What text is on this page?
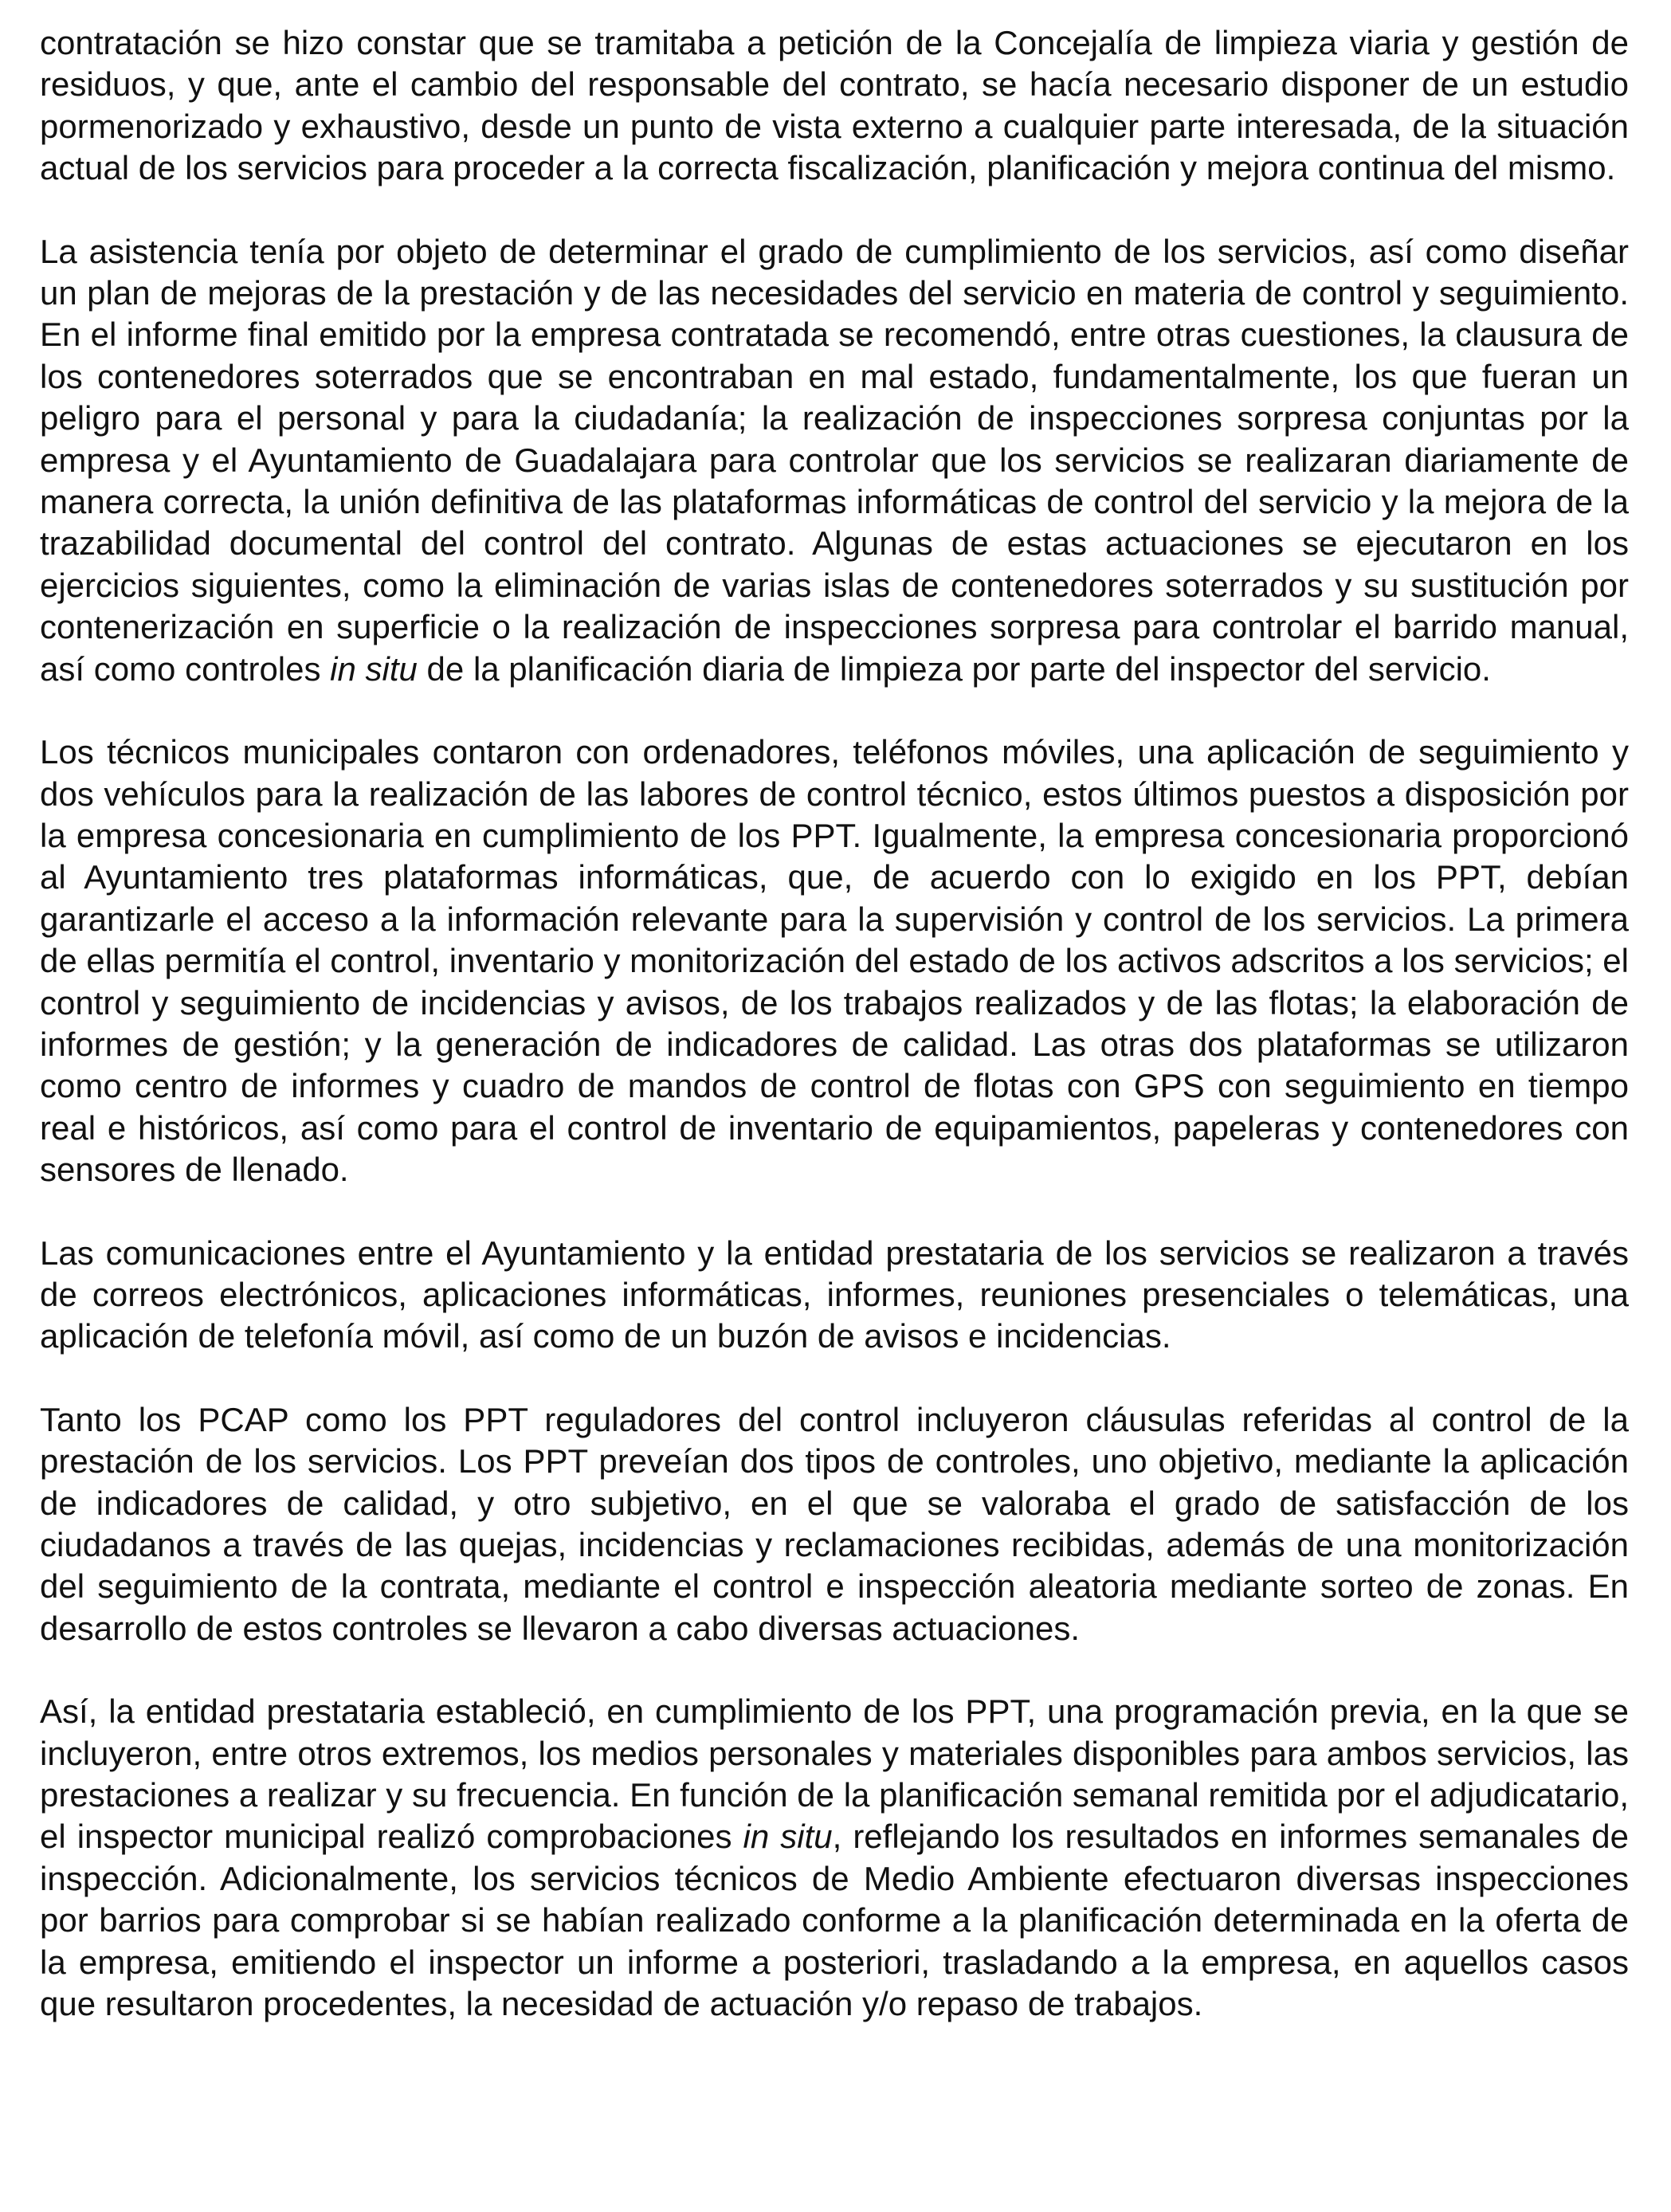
contratación se hizo constar que se tramitaba a petición de la Concejalía de limpieza viaria y gestión de residuos, y que, ante el cambio del responsable del contrato, se hacía necesario disponer de un estudio pormenorizado y exhaustivo, desde un punto de vista externo a cualquier parte interesada, de la situación actual de los servicios para proceder a la correcta fiscalización, planificación y mejora continua del mismo.

La asistencia tenía por objeto de determinar el grado de cumplimiento de los servicios, así como diseñar un plan de mejoras de la prestación y de las necesidades del servicio en materia de control y seguimiento. En el informe final emitido por la empresa contratada se recomendó, entre otras cuestiones, la clausura de los contenedores soterrados que se encontraban en mal estado, fundamentalmente, los que fueran un peligro para el personal y para la ciudadanía; la realización de inspecciones sorpresa conjuntas por la empresa y el Ayuntamiento de Guadalajara para controlar que los servicios se realizaran diariamente de manera correcta, la unión definitiva de las plataformas informáticas de control del servicio y la mejora de la trazabilidad documental del control del contrato. Algunas de estas actuaciones se ejecutaron en los ejercicios siguientes, como la eliminación de varias islas de contenedores soterrados y su sustitución por contenerización en superficie o la realización de inspecciones sorpresa para controlar el barrido manual, así como controles in situ de la planificación diaria de limpieza por parte del inspector del servicio.

Los técnicos municipales contaron con ordenadores, teléfonos móviles, una aplicación de seguimiento y dos vehículos para la realización de las labores de control técnico, estos últimos puestos a disposición por la empresa concesionaria en cumplimiento de los PPT. Igualmente, la empresa concesionaria proporcionó al Ayuntamiento tres plataformas informáticas, que, de acuerdo con lo exigido en los PPT, debían garantizarle el acceso a la información relevante para la supervisión y control de los servicios. La primera de ellas permitía el control, inventario y monitorización del estado de los activos adscritos a los servicios; el control y seguimiento de incidencias y avisos, de los trabajos realizados y de las flotas; la elaboración de informes de gestión; y la generación de indicadores de calidad. Las otras dos plataformas se utilizaron como centro de informes y cuadro de mandos de control de flotas con GPS con seguimiento en tiempo real e históricos, así como para el control de inventario de equipamientos, papeleras y contenedores con sensores de llenado.

Las comunicaciones entre el Ayuntamiento y la entidad prestataria de los servicios se realizaron a través de correos electrónicos, aplicaciones informáticas, informes, reuniones presenciales o telemáticas, una aplicación de telefonía móvil, así como de un buzón de avisos e incidencias.

Tanto los PCAP como los PPT reguladores del control incluyeron cláusulas referidas al control de la prestación de los servicios. Los PPT preveían dos tipos de controles, uno objetivo, mediante la aplicación de indicadores de calidad, y otro subjetivo, en el que se valoraba el grado de satisfacción de los ciudadanos a través de las quejas, incidencias y reclamaciones recibidas, además de una monitorización del seguimiento de la contrata, mediante el control e inspección aleatoria mediante sorteo de zonas. En desarrollo de estos controles se llevaron a cabo diversas actuaciones.

Así, la entidad prestataria estableció, en cumplimiento de los PPT, una programación previa, en la que se incluyeron, entre otros extremos, los medios personales y materiales disponibles para ambos servicios, las prestaciones a realizar y su frecuencia. En función de la planificación semanal remitida por el adjudicatario, el inspector municipal realizó comprobaciones in situ, reflejando los resultados en informes semanales de inspección. Adicionalmente, los servicios técnicos de Medio Ambiente efectuaron diversas inspecciones por barrios para comprobar si se habían realizado conforme a la planificación determinada en la oferta de la empresa, emitiendo el inspector un informe a posteriori, trasladando a la empresa, en aquellos casos que resultaron procedentes, la necesidad de actuación y/o repaso de trabajos.
